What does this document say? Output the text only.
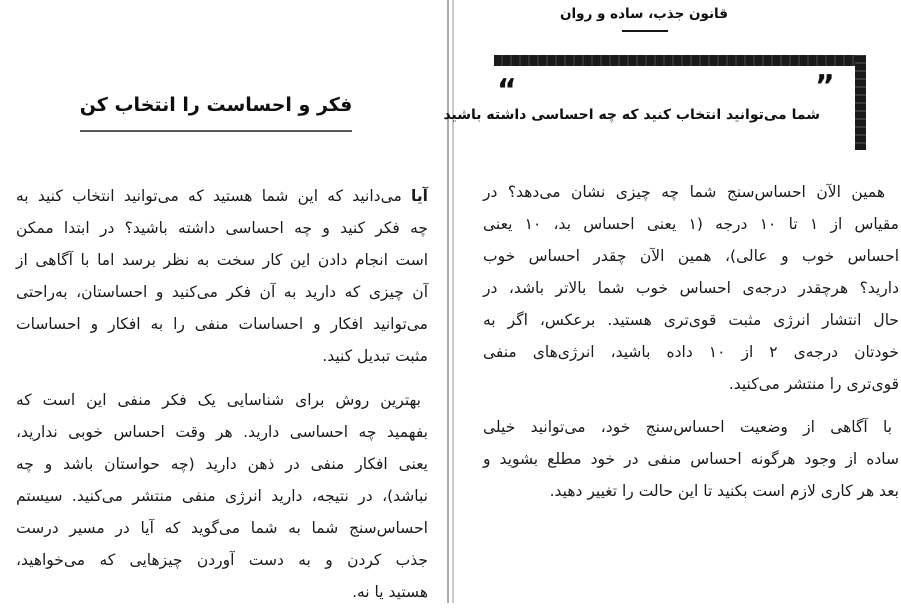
فکر و احساست را انتخاب کن
آیا می‌دانید که این شما هستید که می‌توانید انتخاب کنید به
چه فکر کنید و چه احساسی داشته باشید؟ در ابتدا ممکن
است انجام دادن این کار سخت به نظر برسد اما با آگاهی از
آن چیزی که دارید به آن فکر می‌کنید و احساستان، به‌راحتی
می‌توانید افکار و احساسات منفی را به افکار و احساسات
مثبت تبدیل کنید.
بهترین روش برای شناسایی یک فکر منفی این است که
بفهمید چه احساسی دارید. هر وقت احساس خوبی ندارید،
یعنی افکار منفی در ذهن دارید (چه حواستان باشد و چه
نباشد)، در نتیجه، دارید انرژی منفی منتشر می‌کنید. سیستم
احساس‌سنج شما به شما می‌گوید که آیا در مسیر درست
جذب کردن و به دست آوردن چیزهایی که می‌خواهید،
هستید یا نه.
قانون جذب، ساده و روان
”
“
شما می‌توانید انتخاب کنید که چه احساسی داشته باشید
همین الآن احساس‌سنج شما چه چیزی نشان می‌دهد؟ در
مقیاس از ۱ تا ۱۰ درجه (۱ یعنی احساس بد، ۱۰ یعنی
احساس خوب و عالی)، همین الآن چقدر احساس خوب
دارید؟ هرچقدر درجه‌ی احساس خوب شما بالاتر باشد، در
حال انتشار انرژی مثبت قوی‌تری هستید. برعکس، اگر به
خودتان درجه‌ی ۲ از ۱۰ داده باشید، انرژی‌های منفی
قوی‌تری را منتشر می‌کنید.
با آگاهی از وضعیت احساس‌سنج خود، می‌توانید خیلی
ساده از وجود هرگونه احساس منفی در خود مطلع بشوید و
بعد هر کاری لازم است بکنید تا این حالت را تغییر دهید.
